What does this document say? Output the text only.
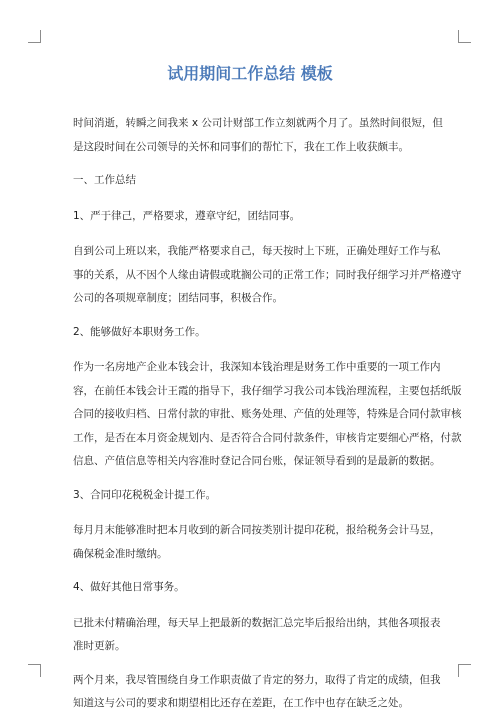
试用期间工作总结 模板
时间消逝，转瞬之间我来 x 公司计财部工作立刻就两个月了。虽然时间很短，但
是这段时间在公司领导的关怀和同事们的帮忙下，我在工作上收获颇丰。
一、工作总结
1、严于律己，严格要求，遵章守纪，团结同事。
自到公司上班以来，我能严格要求自己，每天按时上下班，正确处理好工作与私
事的关系，从不因个人缘由请假或耽搁公司的正常工作；同时我仔细学习并严格遵守
公司的各项规章制度；团结同事，积极合作。
2、能够做好本职财务工作。
作为一名房地产企业本钱会计，我深知本钱治理是财务工作中重要的一项工作内
容，在前任本钱会计王霞的指导下，我仔细学习我公司本钱治理流程，主要包括纸版
合同的接收归档、日常付款的审批、账务处理、产值的处理等，特殊是合同付款审核
工作，是否在本月资金规划内、是否符合合同付款条件，审核肯定要细心严格，付款
信息、产值信息等相关内容准时登记合同台账，保证领导看到的是最新的数据。
3、合同印花税税金计提工作。
每月月末能够准时把本月收到的新合同按类别计提印花税，报给税务会计马昱，
确保税金准时缴纳。
4、做好其他日常事务。
已批未付精确治理，每天早上把最新的数据汇总完毕后报给出纳，其他各项报表
准时更新。
两个月来，我尽管围绕自身工作职责做了肯定的努力，取得了肯定的成绩，但我
知道这与公司的要求和期望相比还存在差距，在工作中也存在缺乏之处。
